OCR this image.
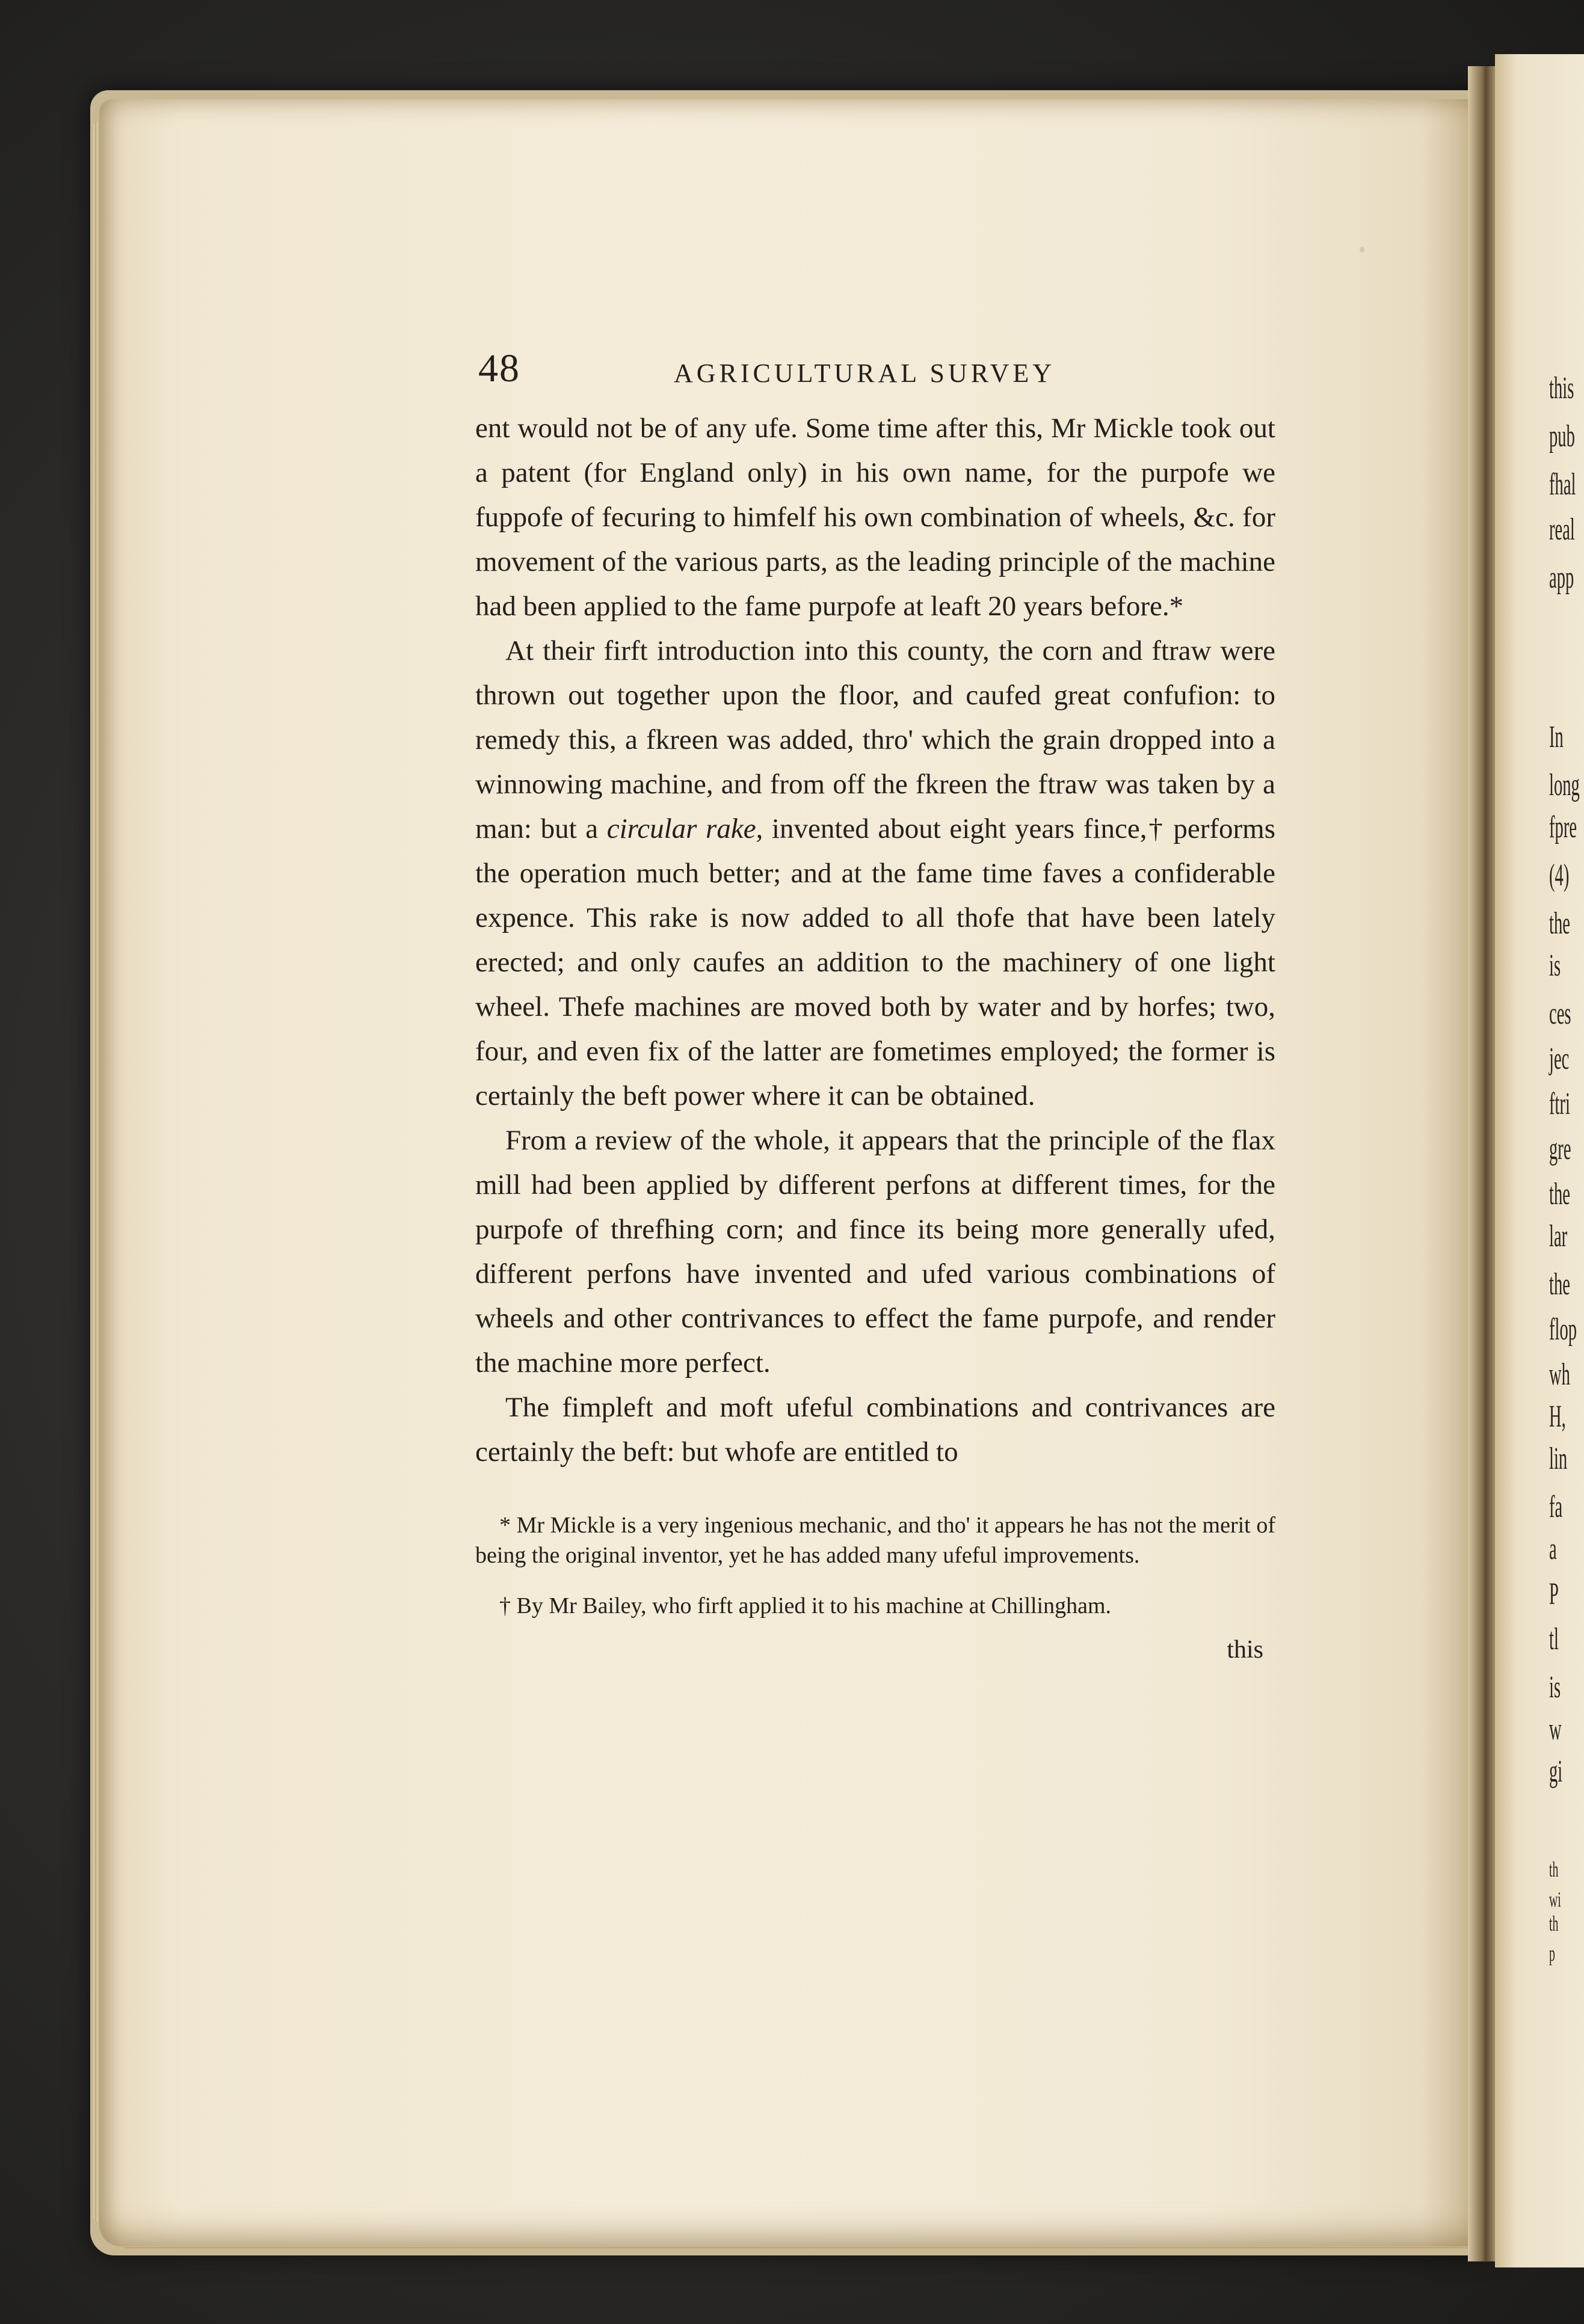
this
pub
fhal
real
app
In
long
fpre
(4)
the
is
ces
jec
ftri
gre
the
lar
the
flop
wh
H,
lin
fa
a
P
tl
is
w
gi
th
wi
th
p
48	AGRICULTURAL SURVEY

ent would not be of any ufe. Some time after this, Mr Mickle took out a patent (for England only) in his own name, for the purpofe we fuppofe of fecuring to himfelf his own combination of wheels, &c. for movement of the various parts, as the leading principle of the machine had been applied to the fame purpofe at leaft 20 years before.*

At their firft introduction into this county, the corn and ftraw were thrown out together upon the floor, and caufed great confufion: to remedy this, a fkreen was added, thro' which the grain dropped into a winnowing machine, and from off the fkreen the ftraw was taken by a man: but a circular rake, invented about eight years fince,† performs the operation much better; and at the fame time faves a confiderable expence. This rake is now added to all thofe that have been lately erected; and only caufes an addition to the machinery of one light wheel. Thefe machines are moved both by water and by horfes; two, four, and even fix of the latter are fometimes employed; the former is certainly the beft power where it can be obtained.

From a review of the whole, it appears that the principle of the flax mill had been applied by different perfons at different times, for the purpofe of threfhing corn; and fince its being more generally ufed, different perfons have invented and ufed various combinations of wheels and other contrivances to effect the fame purpofe, and render the machine more perfect.

The fimpleft and moft ufeful combinations and contrivances are certainly the beft: but whofe are entitled to

* Mr Mickle is a very ingenious mechanic, and tho' it appears he has not the merit of being the original inventor, yet he has added many ufeful improvements.

† By Mr Bailey, who firft applied it to his machine at Chillingham.

this
